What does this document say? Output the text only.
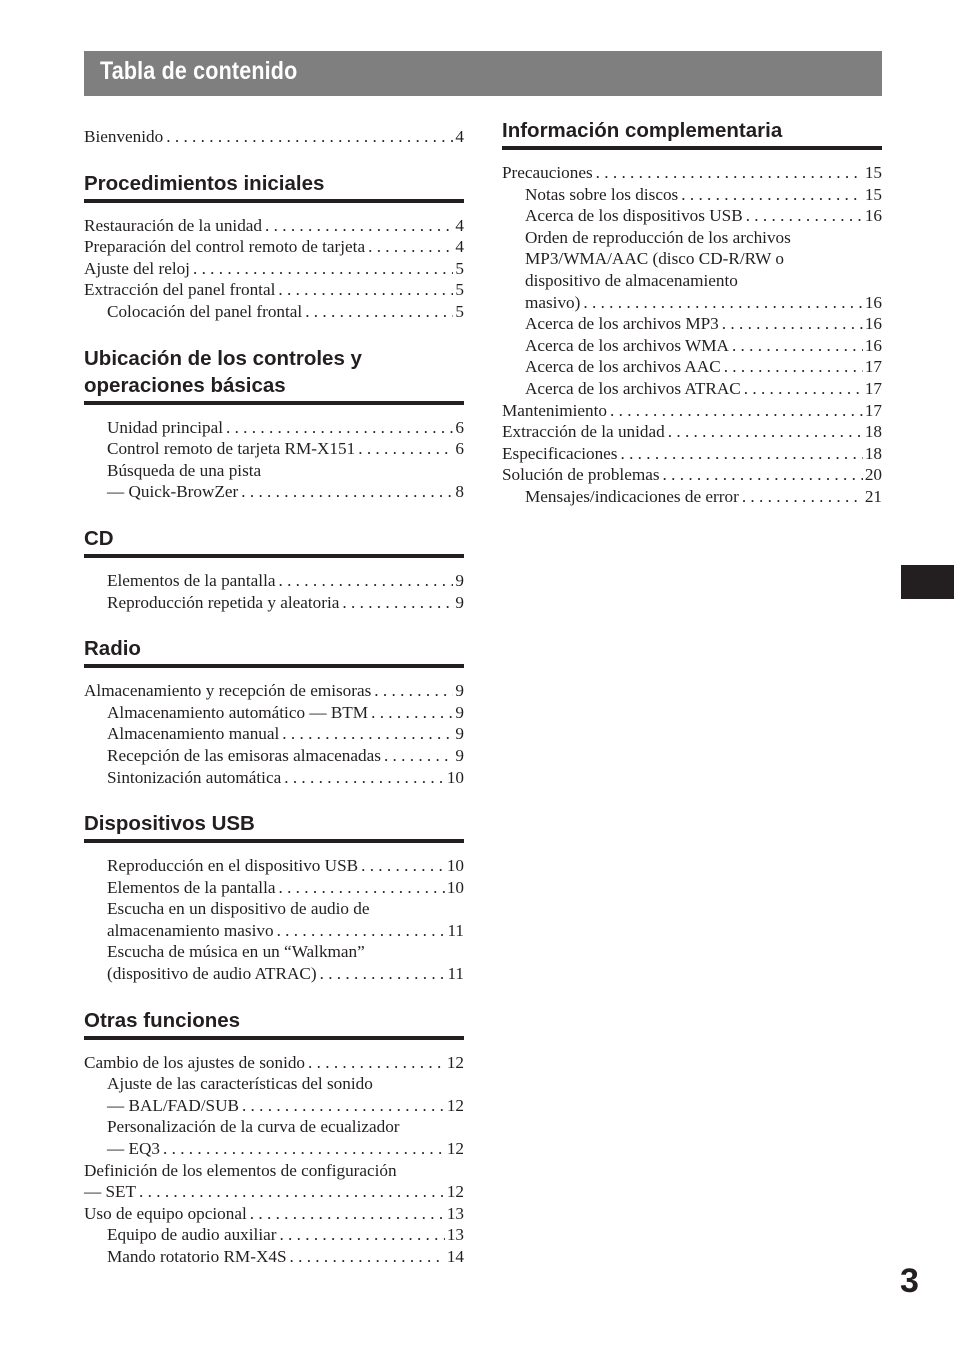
Tabla de contenido
Bienvenido . . .	4
Procedimientos iniciales
Restauración de la unidad . . .	4
Preparación del control remoto de tarjeta . . .	4
Ajuste del reloj . . .	5
Extracción del panel frontal . . .	5
Colocación del panel frontal . . .	5
Ubicación de los controles y operaciones básicas
Unidad principal . . .	6
Control remoto de tarjeta RM-X151 . . .	6
Búsqueda de una pista
— Quick-BrowZer . . .	8
CD
Elementos de la pantalla . . .	9
Reproducción repetida y aleatoria . . .	9
Radio
Almacenamiento y recepción de emisoras . . .	9
Almacenamiento automático — BTM . . .	9
Almacenamiento manual . . .	9
Recepción de las emisoras almacenadas . . .	9
Sintonización automática . . .	10
Dispositivos USB
Reproducción en el dispositivo USB . . .	10
Elementos de la pantalla . . .	10
Escucha en un dispositivo de audio de
almacenamiento masivo . . .	11
Escucha de música en un “Walkman”
(dispositivo de audio ATRAC) . . .	11
Otras funciones
Cambio de los ajustes de sonido . . .	12
Ajuste de las características del sonido
— BAL/FAD/SUB . . .	12
Personalización de la curva de ecualizador
— EQ3 . . .	12
Definición de los elementos de configuración
— SET . . .	12
Uso de equipo opcional . . .	13
Equipo de audio auxiliar . . .	13
Mando rotatorio RM-X4S . . .	14
Información complementaria
Precauciones . . .	15
Notas sobre los discos . . .	15
Acerca de los dispositivos USB . . .	16
Orden de reproducción de los archivos
MP3/WMA/AAC (disco CD-R/RW o
dispositivo de almacenamiento
masivo) . . .	16
Acerca de los archivos MP3 . . .	16
Acerca de los archivos WMA . . .	16
Acerca de los archivos AAC . . .	17
Acerca de los archivos ATRAC . . .	17
Mantenimiento . . .	17
Extracción de la unidad . . .	18
Especificaciones . . .	18
Solución de problemas . . .	20
Mensajes/indicaciones de error . . .	21
3
